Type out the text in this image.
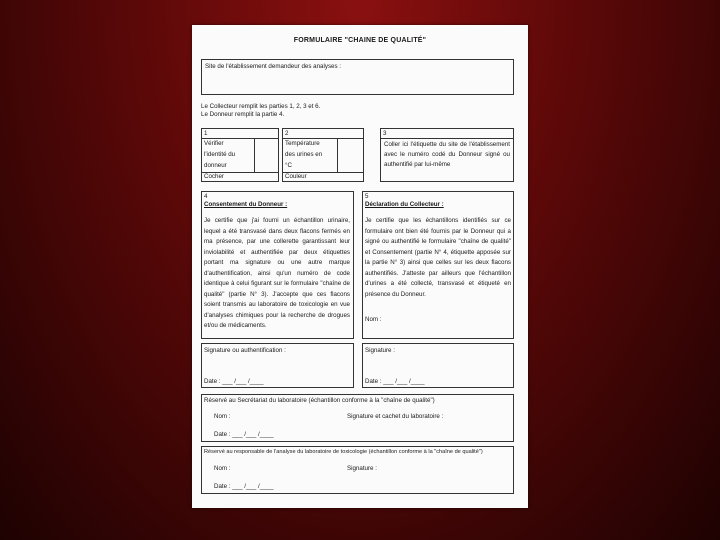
FORMULAIRE "CHAINE DE QUALITÉ"
Site de l'établissement demandeur des analyses :
Le Collecteur remplit les parties 1, 2, 3 et 6.
Le Donneur remplit la partie 4.
1
Vérifier
l'identité du
donneur
Cocher
2
Température
des urines en
°C
Couleur
3
Coller ici l'étiquette du site de l'établissement avec le numéro codé du Donneur signé ou authentifié par lui-même
4
Consentement du Donneur :
Je certifie que j'ai fourni un échantillon urinaire, lequel a été transvasé dans deux flacons fermés en ma présence, par une collerette garantissant leur inviolabilité et authentifiée par deux étiquettes portant ma signature ou une autre marque d'authentification, ainsi qu'un numéro de code identique à celui figurant sur le formulaire "chaîne de qualité" (partie N° 3). J'accepte que ces flacons soient transmis au laboratoire de toxicologie en vue d'analyses chimiques pour la recherche de drogues et/ou de médicaments.
5
Déclaration du Collecteur :
Je certifie que les échantillons identifiés sur ce formulaire ont bien été fournis par le Donneur qui a signé ou authentifié le formulaire "chaîne de qualité" et Consentement (partie N° 4, étiquette apposée sur la partie N° 3) ainsi que celles sur les deux flacons authentifiés. J'atteste par ailleurs que l'échantillon d'urines a été collecté, transvasé et étiqueté en présence du Donneur.
Nom :
Signature ou authentification :
Date : ___ /___ /____
Signature :
Date : ___ /___ /____
Réservé au Secrétariat du laboratoire (échantillon conforme à la "chaîne de qualité")
Nom :	Signature et cachet du laboratoire :
Date : ___ /___ /____
Réservé au responsable de l'analyse du laboratoire de toxicologie (échantillon conforme à la "chaîne de qualité")
Nom :	Signature :
Date : ___ /___ /____
